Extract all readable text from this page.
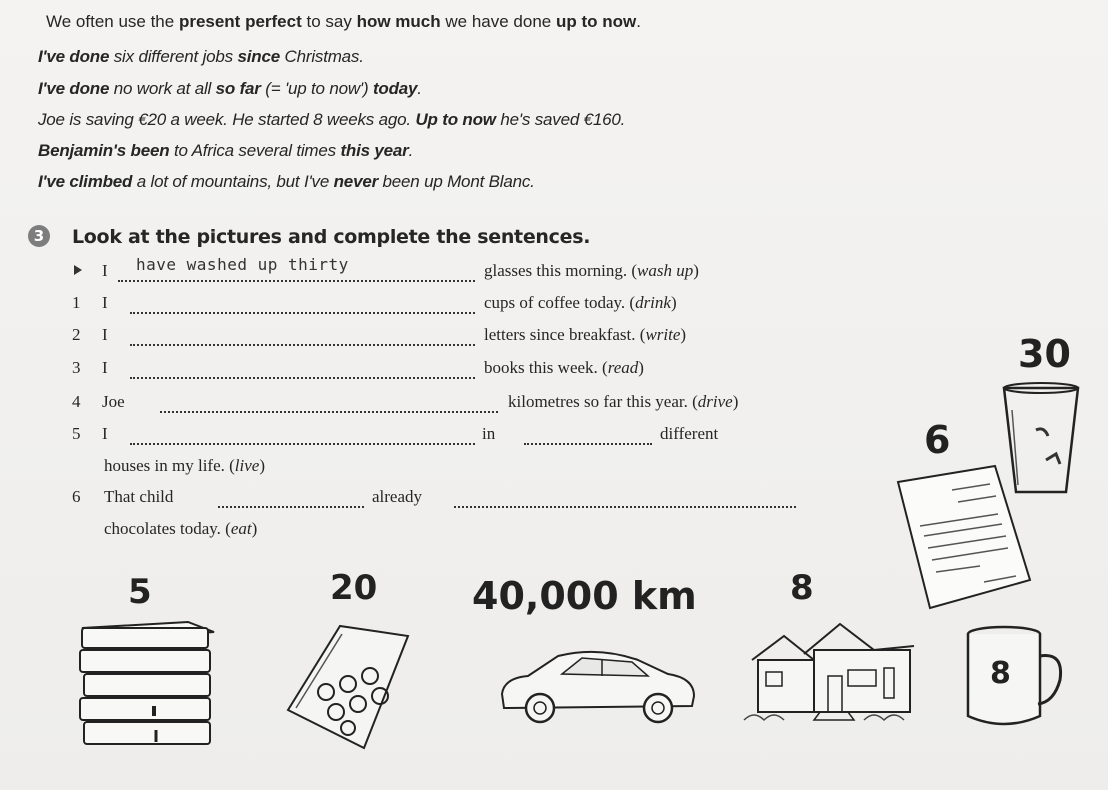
We often use the present perfect to say how much we have done up to now.
I've done six different jobs since Christmas.
I've done no work at all so far (= 'up to now') today.
Joe is saving €20 a week. He started 8 weeks ago. Up to now he's saved €160.
Benjamin's been to Africa several times this year.
I've climbed a lot of mountains, but I've never been up Mont Blanc.
3	Look at the pictures and complete the sentences.
I have washed up thirty	glasses this morning. (wash up)
1 I	cups of coffee today. (drink)
2 I	letters since breakfast. (write)
3 I	books this week. (read)
4 Joe	kilometres so far this year. (drive)
5 I	in	different
houses in my life. (live)
6 That child	already
chocolates today. (eat)
30
6
5	20 40,000 km	8
8
